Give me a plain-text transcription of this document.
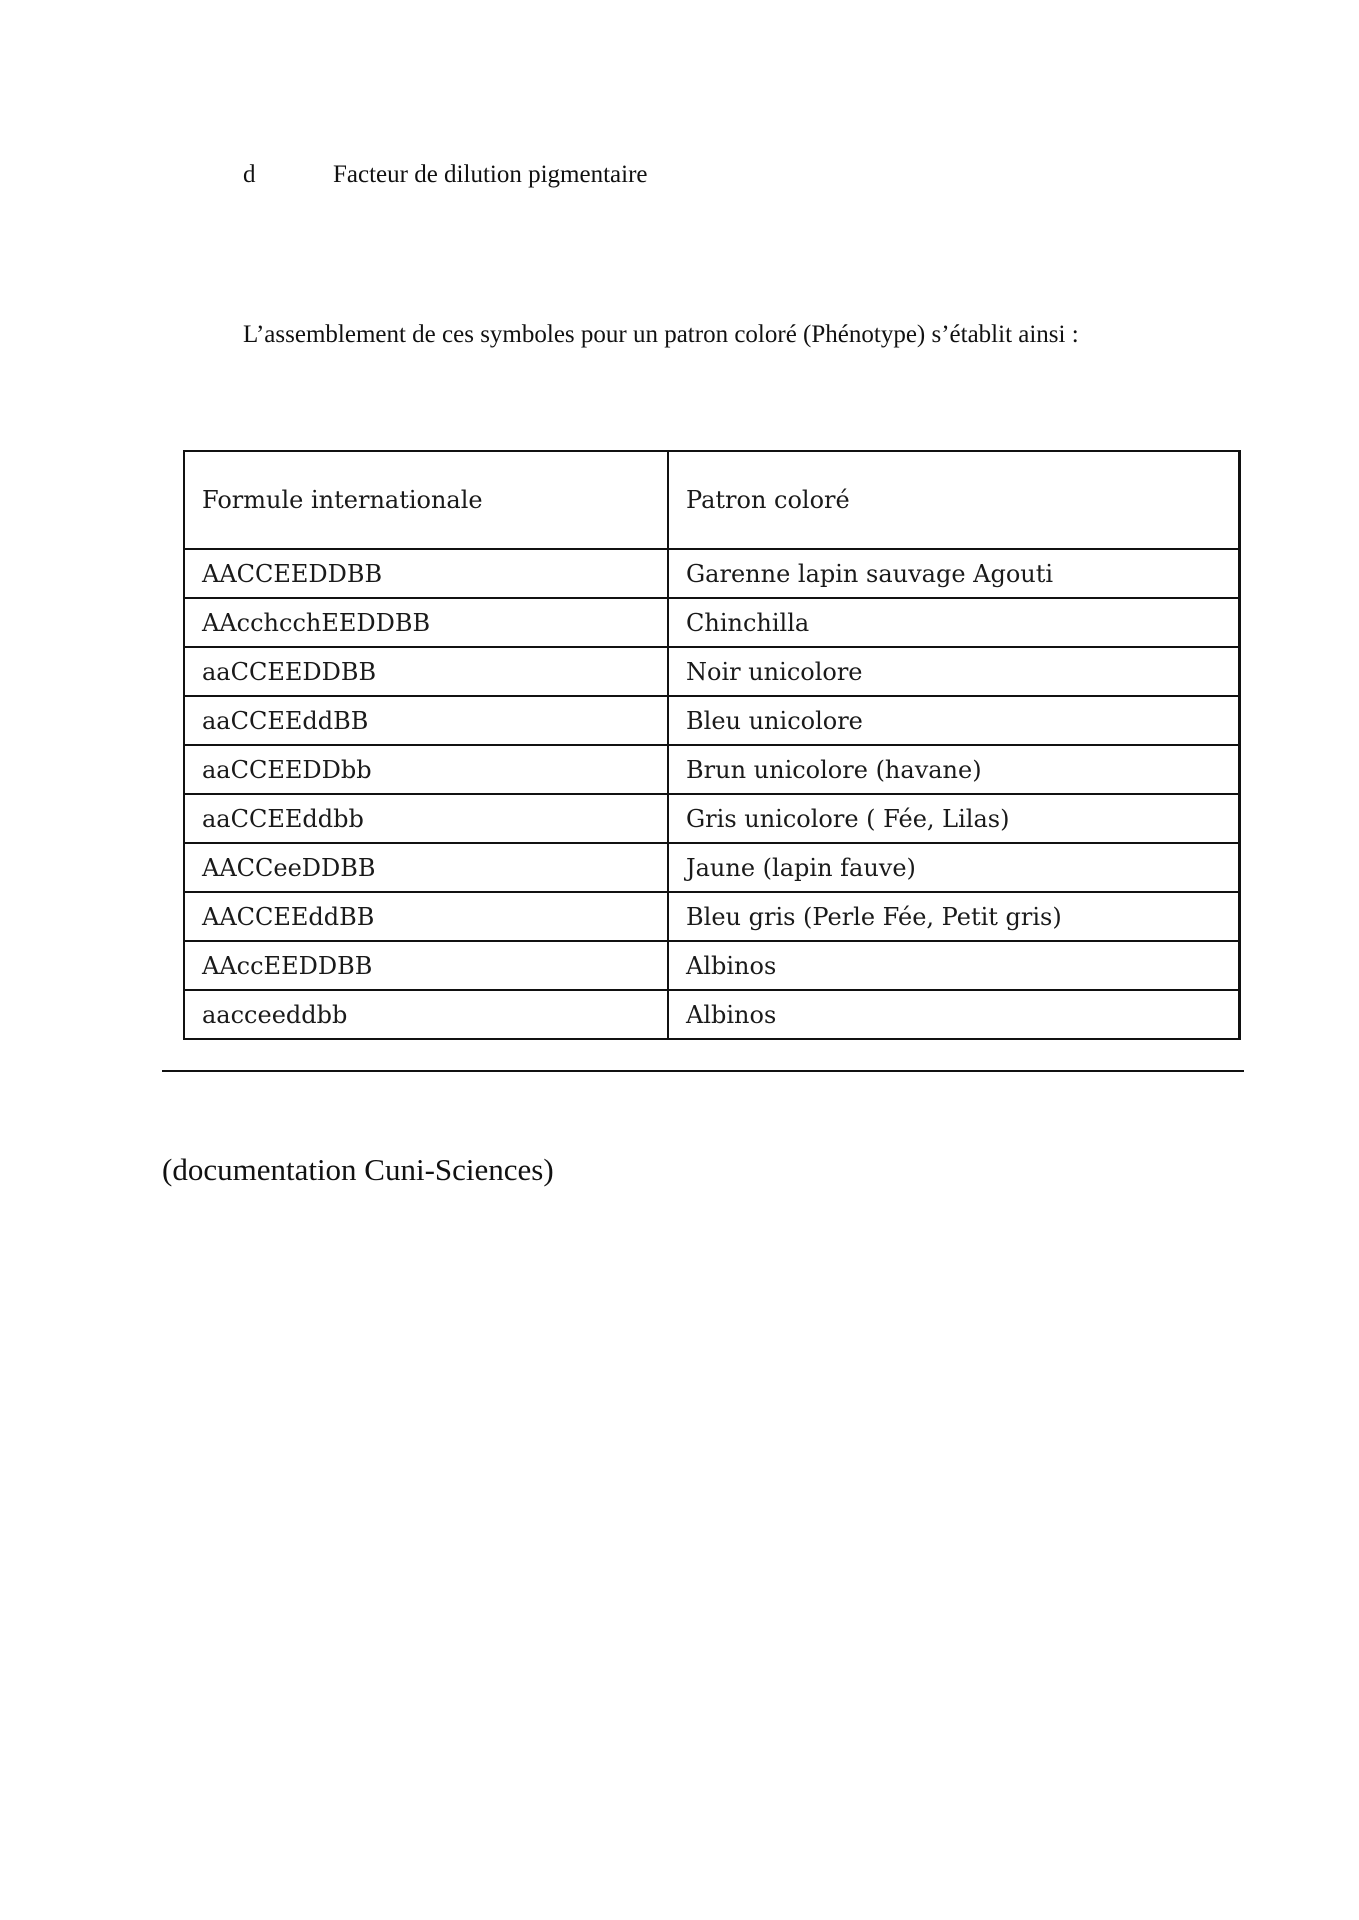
d	Facteur de dilution pigmentaire
L’assemblement de ces symboles pour un patron coloré (Phénotype) s’établit ainsi :
Formule internationale	Patron coloré
AACCEEDDBB	Garenne lapin sauvage Agouti
AAcchcchEEDDBB	Chinchilla
aaCCEEDDBB	Noir unicolore
aaCCEEddBB	Bleu unicolore
aaCCEEDDbb	Brun unicolore (havane)
aaCCEEddbb	Gris unicolore ( Fée, Lilas)
AACCeeDDBB	Jaune (lapin fauve)
AACCEEddBB	Bleu gris (Perle Fée, Petit gris)
AAccEEDDBB	Albinos
aacceeddbb	Albinos
(documentation Cuni-Sciences)
